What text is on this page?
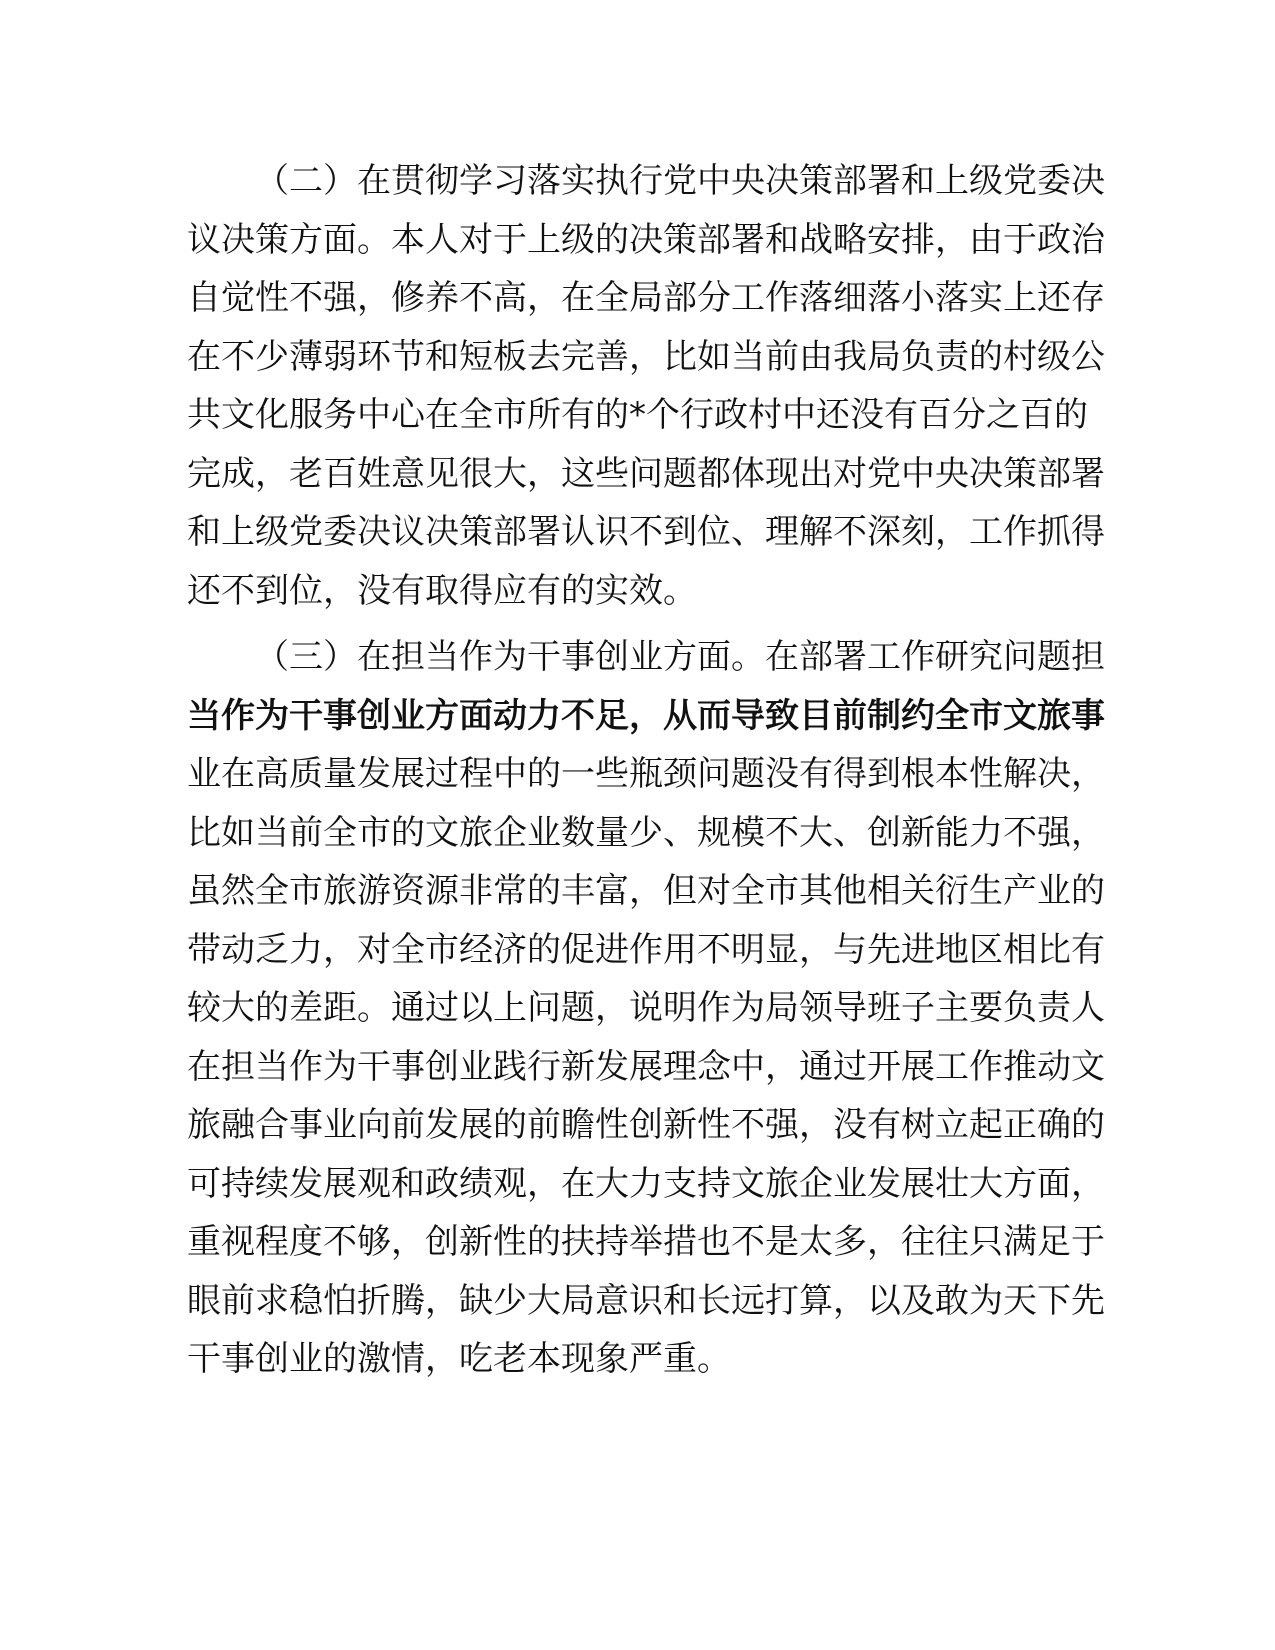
（二）在贯彻学习落实执行党中央决策部署和上级党委决
议决策方面。本人对于上级的决策部署和战略安排，由于政治
自觉性不强，修养不高，在全局部分工作落细落小落实上还存
在不少薄弱环节和短板去完善，比如当前由我局负责的村级公
共文化服务中心在全市所有的*个行政村中还没有百分之百的
完成，老百姓意见很大，这些问题都体现出对党中央决策部署
和上级党委决议决策部署认识不到位、理解不深刻，工作抓得
还不到位，没有取得应有的实效。
（三）在担当作为干事创业方面。在部署工作研究问题担
当作为干事创业方面动力不足，从而导致目前制约全市文旅事
业在高质量发展过程中的一些瓶颈问题没有得到根本性解决，
比如当前全市的文旅企业数量少、规模不大、创新能力不强，
虽然全市旅游资源非常的丰富，但对全市其他相关衍生产业的
带动乏力，对全市经济的促进作用不明显，与先进地区相比有
较大的差距。通过以上问题，说明作为局领导班子主要负责人
在担当作为干事创业践行新发展理念中，通过开展工作推动文
旅融合事业向前发展的前瞻性创新性不强，没有树立起正确的
可持续发展观和政绩观，在大力支持文旅企业发展壮大方面，
重视程度不够，创新性的扶持举措也不是太多，往往只满足于
眼前求稳怕折腾，缺少大局意识和长远打算，以及敢为天下先
干事创业的激情，吃老本现象严重。
